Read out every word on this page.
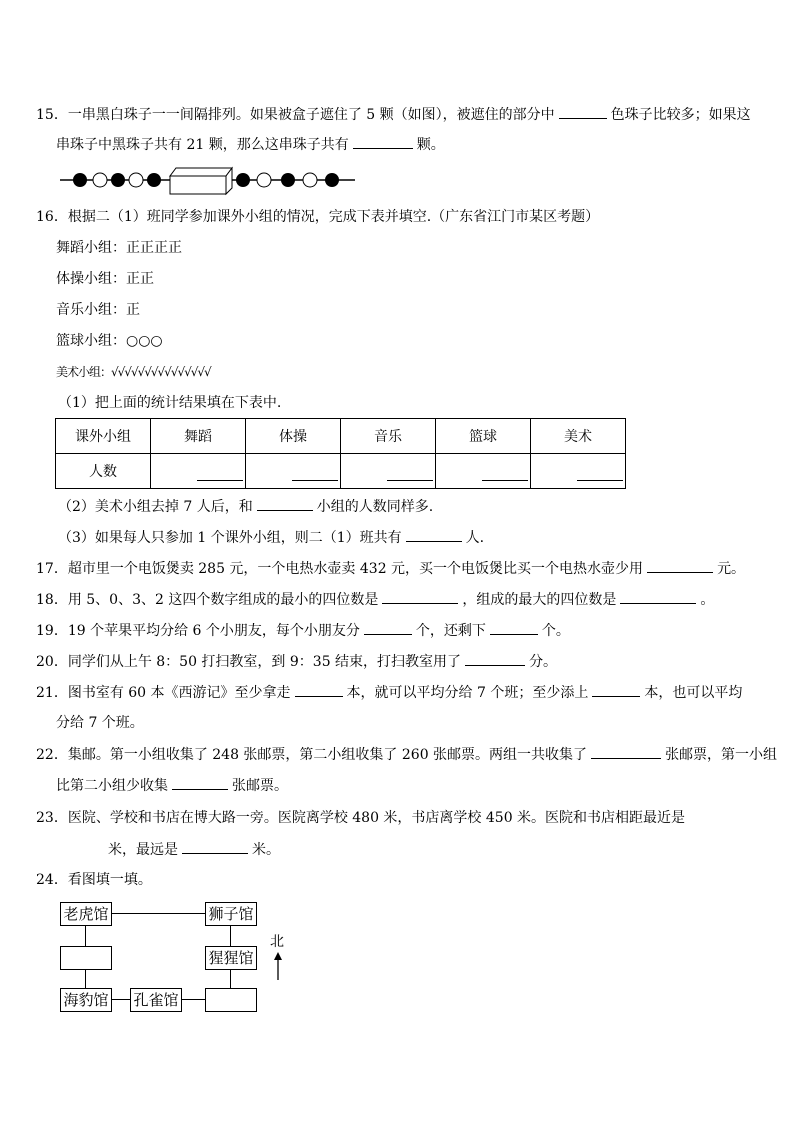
15．一串黑白珠子一一间隔排列。如果被盒子遮住了 5 颗（如图），被遮住的部分中	色珠子比较多；如果这
串珠子中黑珠子共有 21 颗，那么这串珠子共有	颗。
16．根据二（1）班同学参加课外小组的情况，完成下表并填空.（广东省江门市某区考题）
舞蹈小组：正正正正
体操小组：正正
音乐小组：正
篮球小组：○○○
美术小组：√√√√√√√√√√√√√√√
（1）把上面的统计结果填在下表中.
课外小组	舞蹈	体操	音乐	篮球	美术
人数					
（2）美术小组去掉 7 人后，和	小组的人数同样多.
（3）如果每人只参加 1 个课外小组，则二（1）班共有	人.
17．超市里一个电饭煲卖 285 元，一个电热水壶卖 432 元，买一个电饭煲比买一个电热水壶少用	元。
18．用 5、0、3、2 这四个数字组成的最小的四位数是	，组成的最大的四位数是	。
19．19 个苹果平均分给 6 个小朋友，每个小朋友分	个，还剩下	个。
20．同学们从上午 8：50 打扫教室，到 9：35 结束，打扫教室用了	分。
21．图书室有 60 本《西游记》至少拿走	本，就可以平均分给 7 个班；至少添上	本，也可以平均
分给 7 个班。
22．集邮。第一小组收集了 248 张邮票，第二小组收集了 260 张邮票。两组一共收集了	张邮票，第一小组
比第二小组少收集	张邮票。
23．医院、学校和书店在博大路一旁。医院离学校 480 米，书店离学校 450 米。医院和书店相距最近是
米，最远是	米。
24．看图填一填。
老虎馆	狮子馆
猩猩馆
海豹馆 孔雀馆
北
